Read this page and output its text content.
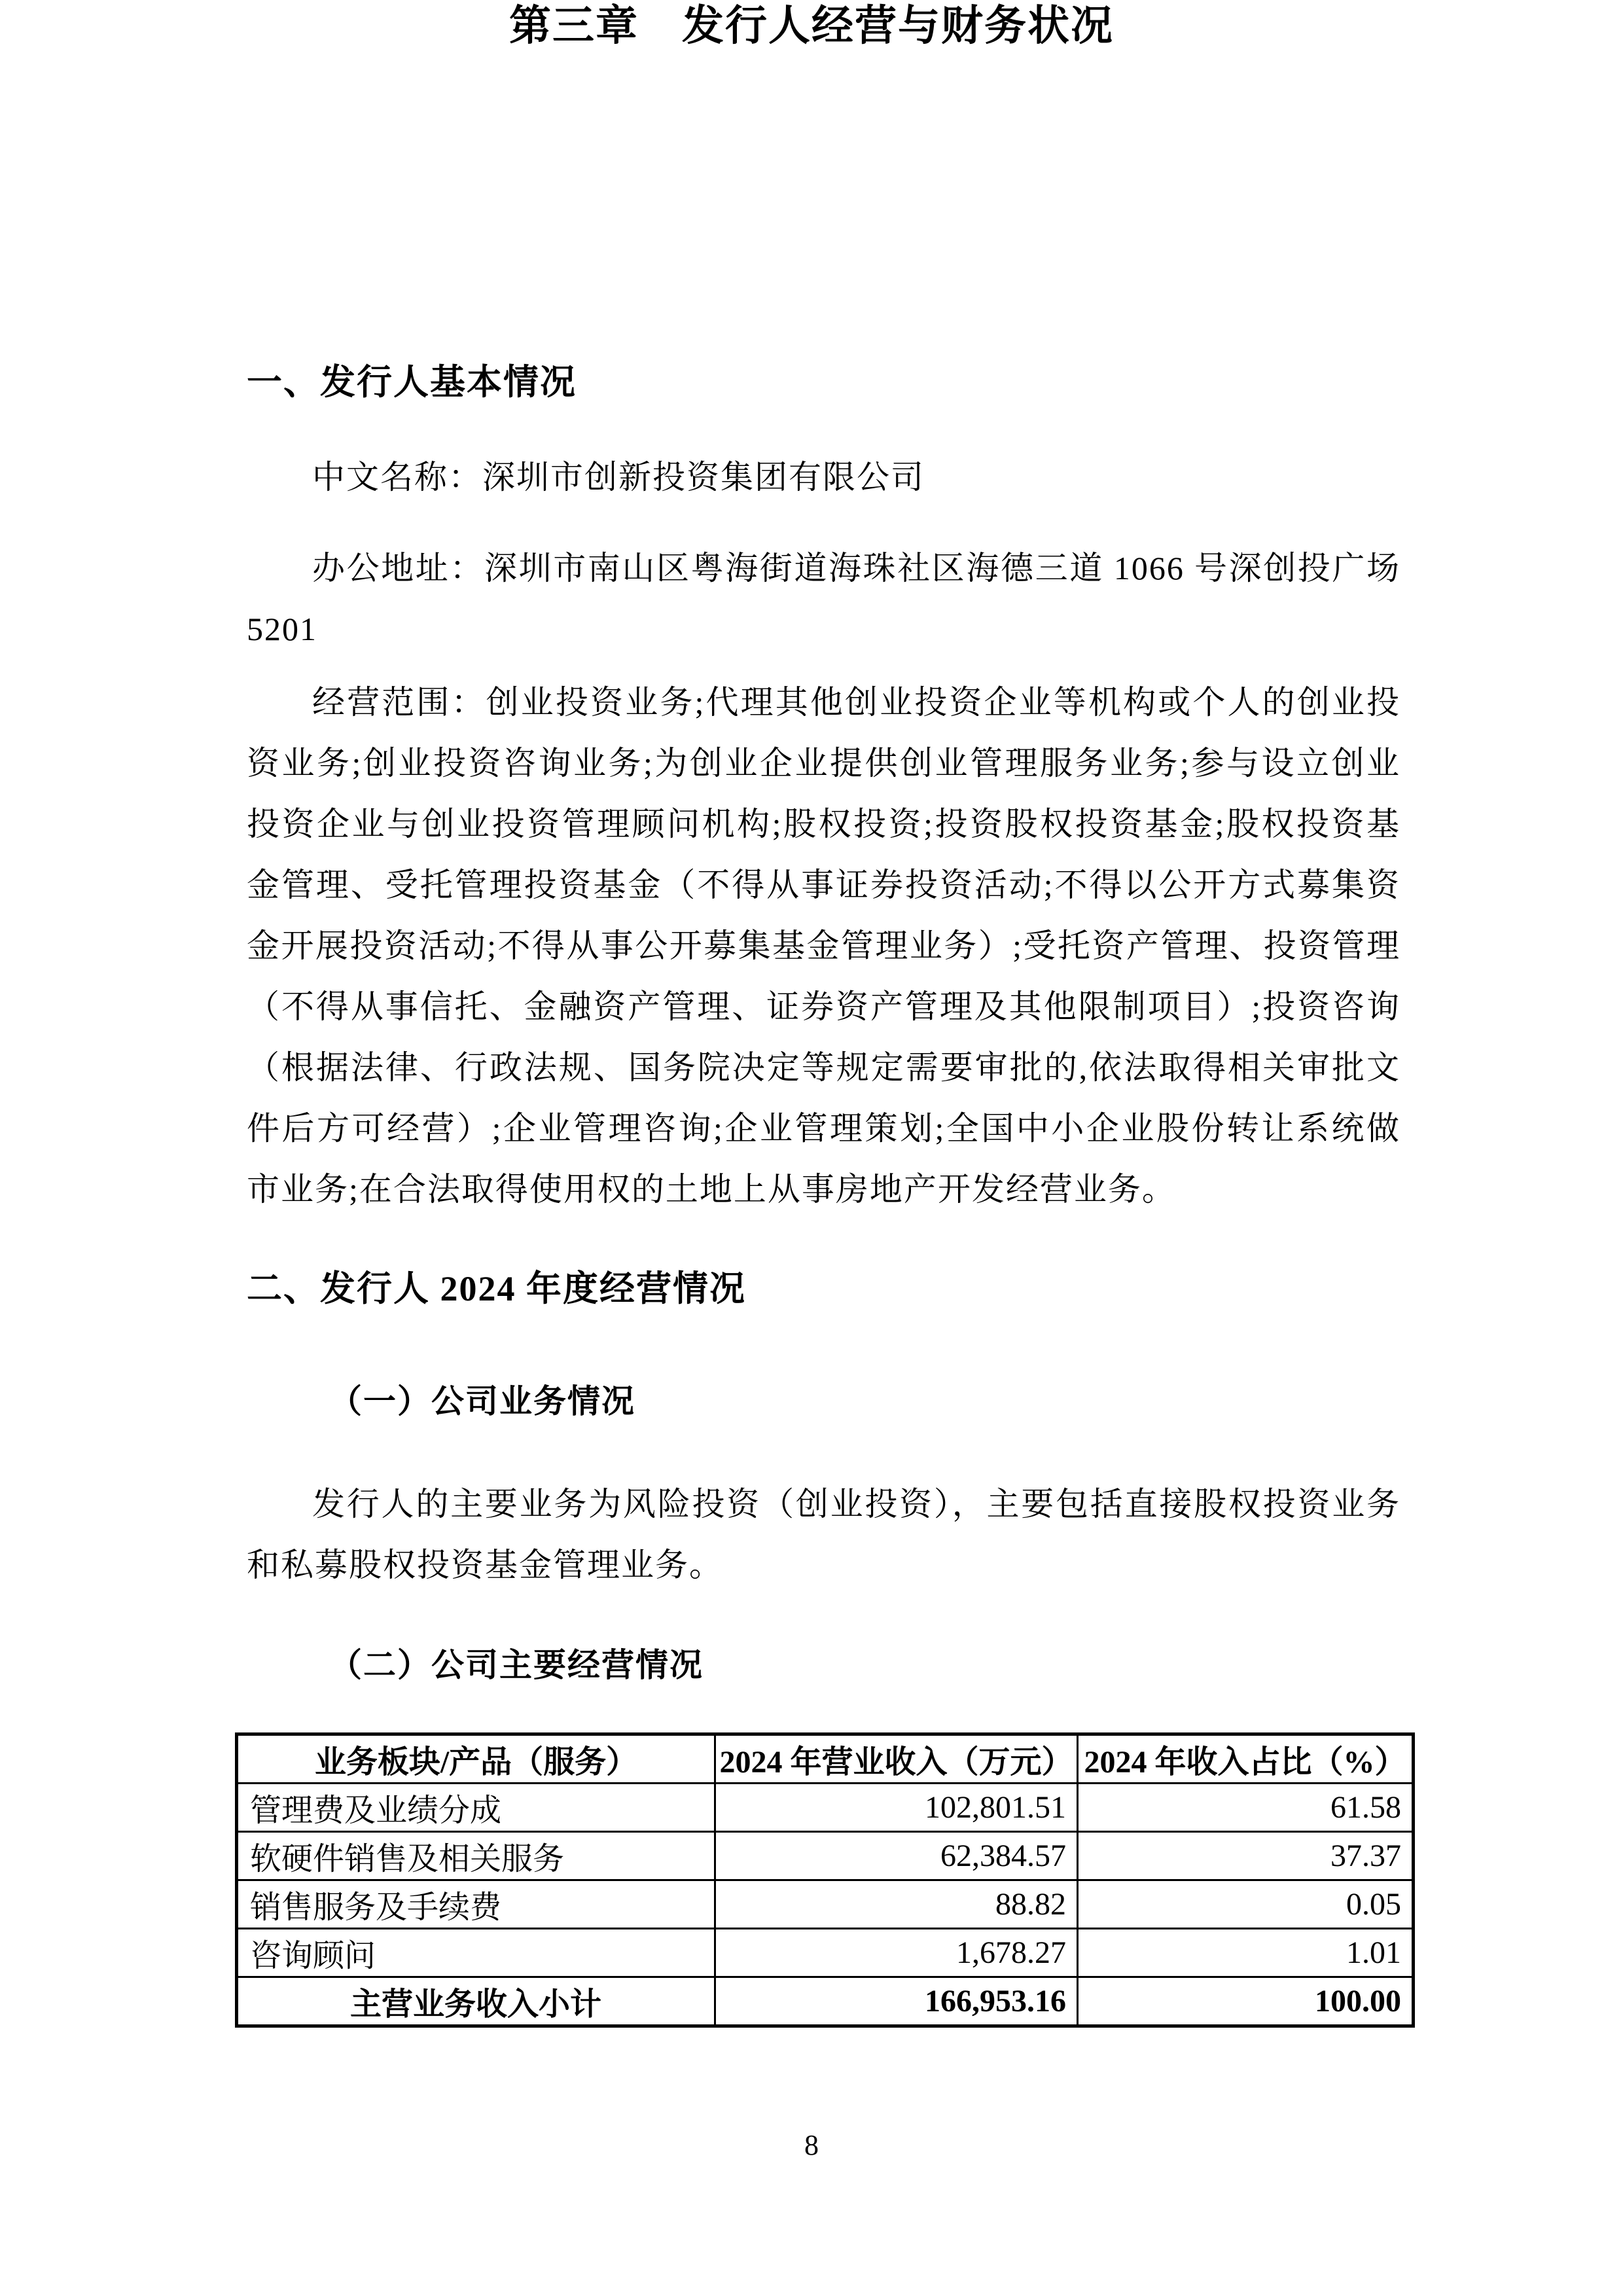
第三章　发行人经营与财务状况
一、发行人基本情况
中文名称：深圳市创新投资集团有限公司
办公地址：深圳市南山区粤海街道海珠社区海德三道 1066 号深创投广场 5201
经营范围：创业投资业务;代理其他创业投资企业等机构或个人的创业投资业务;创业投资咨询业务;为创业企业提供创业管理服务业务;参与设立创业投资企业与创业投资管理顾问机构;股权投资;投资股权投资基金;股权投资基金管理、受托管理投资基金（不得从事证券投资活动;不得以公开方式募集资金开展投资活动;不得从事公开募集基金管理业务）;受托资产管理、投资管理（不得从事信托、金融资产管理、证券资产管理及其他限制项目）;投资咨询（根据法律、行政法规、国务院决定等规定需要审批的,依法取得相关审批文件后方可经营）;企业管理咨询;企业管理策划;全国中小企业股份转让系统做市业务;在合法取得使用权的土地上从事房地产开发经营业务。
二、发行人 2024 年度经营情况
（一）公司业务情况
发行人的主要业务为风险投资（创业投资），主要包括直接股权投资业务和私募股权投资基金管理业务。
（二）公司主要经营情况
业务板块/产品（服务）	2024 年营业收入（万元）	2024 年收入占比（%）
管理费及业绩分成	102,801.51	61.58
软硬件销售及相关服务	62,384.57	37.37
销售服务及手续费	88.82	0.05
咨询顾问	1,678.27	1.01
主营业务收入小计	166,953.16	100.00
8
